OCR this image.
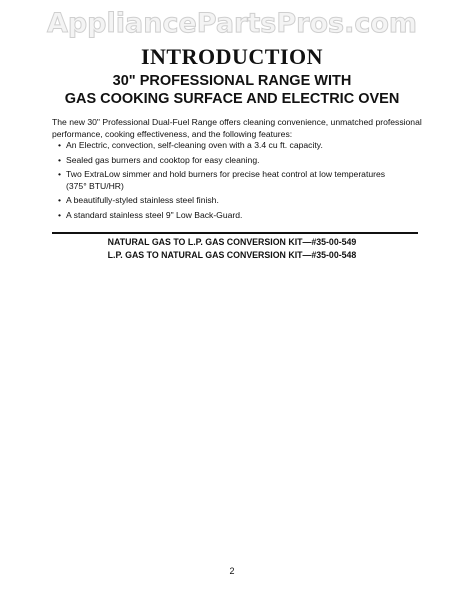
AppliancePartsPros.com
INTRODUCTION
30" PROFESSIONAL RANGE WITH
GAS COOKING SURFACE AND ELECTRIC OVEN

The new 30" Professional Dual-Fuel Range offers cleaning convenience, unmatched professional performance, cooking effectiveness, and the following features:

• An Electric, convection, self-cleaning oven with a 3.4 cu ft. capacity.
• Sealed gas burners and cooktop for easy cleaning.
• Two ExtraLow simmer and hold burners for precise heat control at low temperatures (375° BTU/HR)
• A beautifully-styled stainless steel finish.
• A standard stainless steel 9" Low Back-Guard.
NATURAL GAS TO L.P. GAS CONVERSION KIT—#35-00-549
L.P. GAS TO NATURAL GAS CONVERSION KIT—#35-00-548
2
